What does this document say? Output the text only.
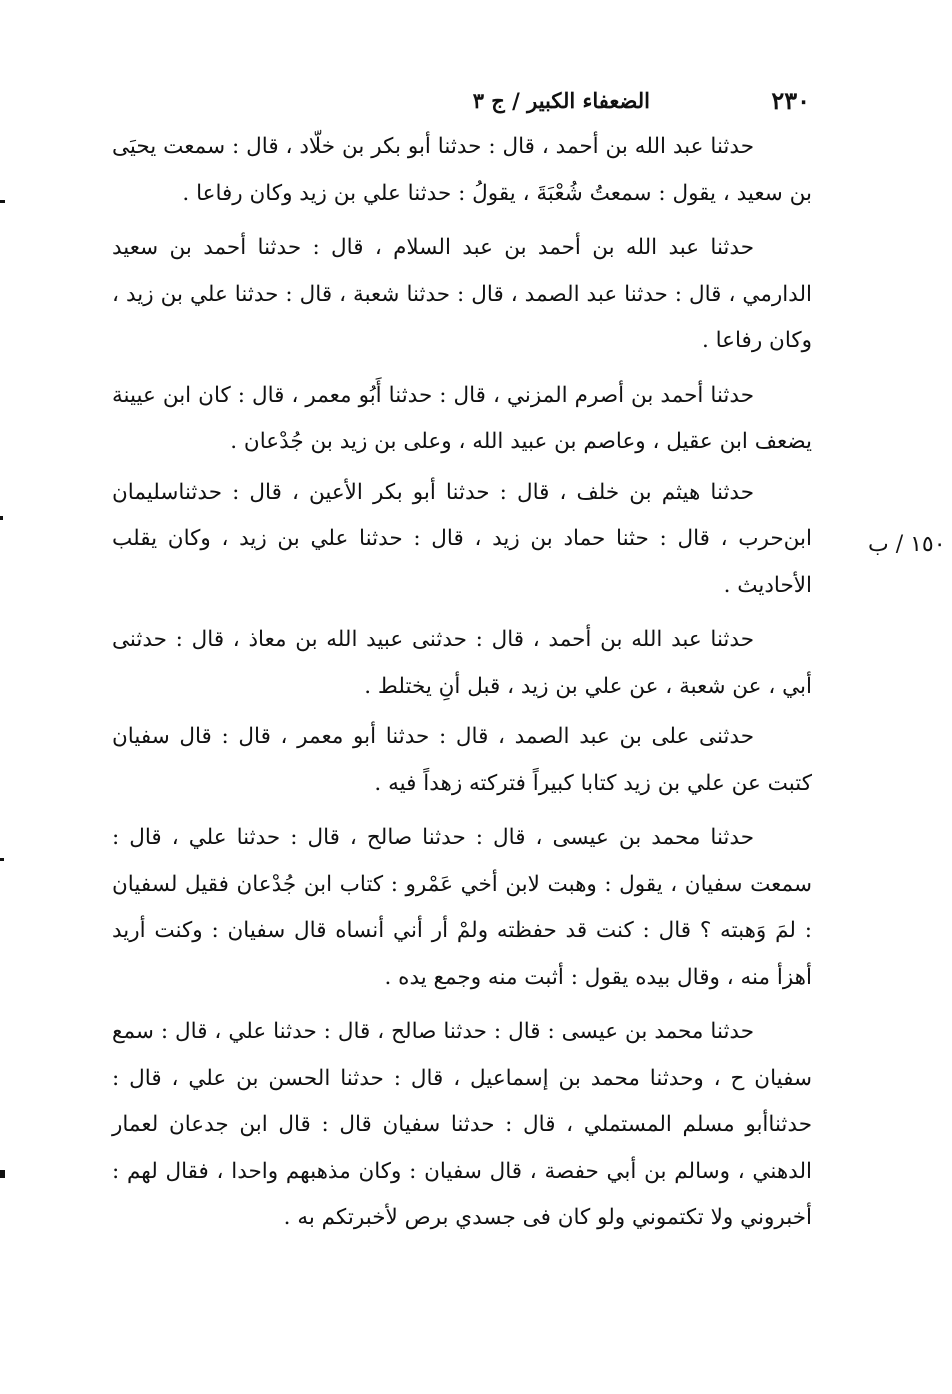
٢٣٠
الضعفاء الكبير / ج ٣
١٥٠ / ب

حدثنا عبد الله بن أحمد ، قال : حدثنا أبو بكر بن خلّاد ، قال : سمعت يحيَى بن سعيد ، يقول : سمعتُ شُعْبَةَ ، يقولُ : حدثنا علي بن زيد وكان رفاعا .

حدثنا عبد الله بن أحمد بن عبد السلام ، قال : حدثنا أحمد بن سعيد الدارمي ، قال : حدثنا عبد الصمد ، قال : حدثنا شعبة ، قال : حدثنا علي بن زيد ، وكان رفاعا .

حدثنا أحمد بن أصرم المزني ، قال : حدثنا أَبُو معمر ، قال : كان ابن عيينة يضعف ابن عقيل ، وعاصم بن عبيد الله ، وعلى بن زيد بن جُدْعان .

حدثنا هيثم بن خلف ، قال : حدثنا أبو بكر الأعين ، قال : حدثناسليمان ابن‌حرب ، قال : حثنا حماد بن زيد ، قال : حدثنا علي بن زيد ، وكان يقلب الأحاديث .

حدثنا عبد الله بن أحمد ، قال : حدثنى عبيد الله بن معاذ ، قال : حدثنى أبي ، عن شعبة ، عن علي بن زيد ، قبل أنِ يختلط .

حدثنى على بن عبد الصمد ، قال : حدثنا أبو معمر ، قال : قال سفيان كتبت عن علي بن زيد كتابا كبيراً فتركته زهداً فيه .

حدثنا محمد بن عيسى ، قال : حدثنا صالح ، قال : حدثنا علي ، قال : سمعت سفيان ، يقول : وهبت لابن أخي عَمْرو : كتاب ابن جُدْعان فقيل لسفيان : لمَ وَهبته ؟ قال : كنت قد حفظته ولمْ أر أني أنساه قال سفيان : وكنت أريد أهزأ منه ، وقال بيده يقول : أثبت منه وجمع يده .

حدثنا محمد بن عيسى : قال : حدثنا صالح ، قال : حدثنا علي ، قال : سمع سفيان ح ، وحدثنا محمد بن إسماعيل ، قال : حدثنا الحسن بن علي ، قال : حدثناأبو مسلم المستملي ، قال : حدثنا سفيان قال : قال ابن جدعان لعمار الدهني ، وسالم بن أبي حفصة ، قال سفيان : وكان مذهبهم واحدا ، فقال لهم : أخبروني ولا تكتموني ولو كان فى جسدي برص لأخبرتكم به .
